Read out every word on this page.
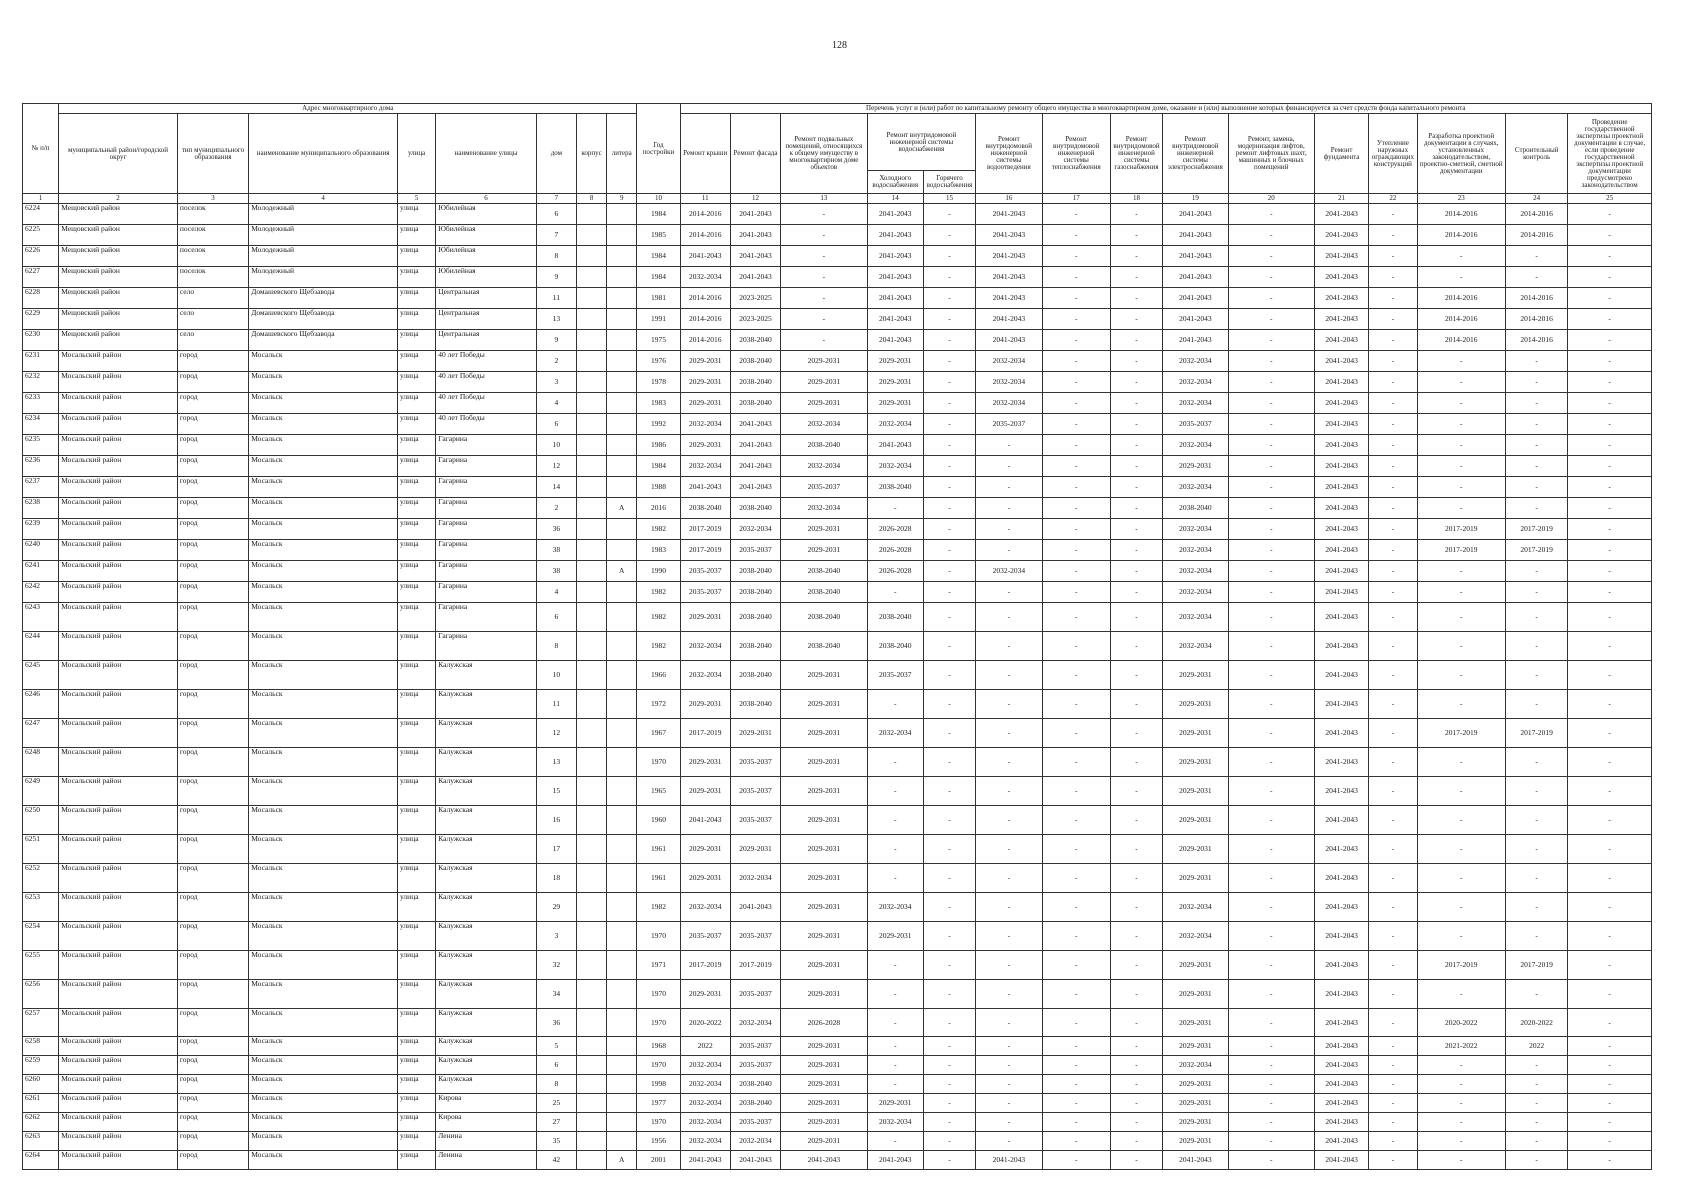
128
№ п/п	Адрес многоквартирного дома								Год постройки	Перечень услуг и (или) работ по капитальному ремонту общего имущества в многоквартирном доме, оказание и (или) выполнение которых финансируется за счет средств фонда капитального ремонта														
	муниципальный район/городской округ	тип муниципального образования	наименование муниципального образования	улица	наименование улицы	дом	корпус	литера		Ремонт крыши	Ремонт фасада	Ремонт подвальных помещений, относящихся к общему имуществу в многоквартирном доме объектов	Ремонт внутридомовой инженерной системы водоснабжения		Ремонт внутридомовой инженерной системы водоотведения	Ремонт внутридомовой инженерной системы теплоснабжения	Ремонт внутридомовой инженерной системы газоснабжения	Ремонт внутридомовой инженерной системы электроснабжения	Ремонт, замена, модернизация лифтов, ремонт лифтовых шахт, машинных и блочных помещений	Ремонт фундамента	Утепление наружных ограждающих конструкций	Разработка проектной документации в случаях, установленных законодательством, проектно-сметной, сметной документации	Строительный контроль	Проведение государственной экспертизы проектной документации в случае, если проведение государственной экспертизы проектной документации предусмотрено законодательством
													Холодного водоснабжения	Горячего водоснабжения										
1	2	3	4	5	6	7	8	9	10	11	12	13	14	15	16	17	18	19	20	21	22	23	24	25
6224	Мещовский район	поселок	Молодежный	улица	Юбилейная	6			1984	2014-2016	2041-2043	-	2041-2043	-	2041-2043	-	-	2041-2043	-	2041-2043	-	2014-2016	2014-2016	-
6225	Мещовский район	поселок	Молодежный	улица	Юбилейная	7			1985	2014-2016	2041-2043	-	2041-2043	-	2041-2043	-	-	2041-2043	-	2041-2043	-	2014-2016	2014-2016	-
6226	Мещовский район	поселок	Молодежный	улица	Юбилейная	8			1984	2041-2043	2041-2043	-	2041-2043	-	2041-2043	-	-	2041-2043	-	2041-2043	-	-	-	-
6227	Мещовский район	поселок	Молодежный	улица	Юбилейная	9			1984	2032-2034	2041-2043	-	2041-2043	-	2041-2043	-	-	2041-2043	-	2041-2043	-	-	-	-
6228	Мещовский район	село	Домашевского Щебзавода	улица	Центральная	11			1981	2014-2016	2023-2025	-	2041-2043	-	2041-2043	-	-	2041-2043	-	2041-2043	-	2014-2016	2014-2016	-
6229	Мещовский район	село	Домашевского Щебзавода	улица	Центральная	13			1991	2014-2016	2023-2025	-	2041-2043	-	2041-2043	-	-	2041-2043	-	2041-2043	-	2014-2016	2014-2016	-
6230	Мещовский район	село	Домашевского Щебзавода	улица	Центральная	9			1975	2014-2016	2038-2040	-	2041-2043	-	2041-2043	-	-	2041-2043	-	2041-2043	-	2014-2016	2014-2016	-
6231	Мосальский район	город	Мосальск	улица	40 лет Победы	2			1976	2029-2031	2038-2040	2029-2031	2029-2031	-	2032-2034	-	-	2032-2034	-	2041-2043	-	-	-	-
6232	Мосальский район	город	Мосальск	улица	40 лет Победы	3			1978	2029-2031	2038-2040	2029-2031	2029-2031	-	2032-2034	-	-	2032-2034	-	2041-2043	-	-	-	-
6233	Мосальский район	город	Мосальск	улица	40 лет Победы	4			1983	2029-2031	2038-2040	2029-2031	2029-2031	-	2032-2034	-	-	2032-2034	-	2041-2043	-	-	-	-
6234	Мосальский район	город	Мосальск	улица	40 лет Победы	6			1992	2032-2034	2041-2043	2032-2034	2032-2034	-	2035-2037	-	-	2035-2037	-	2041-2043	-	-	-	-
6235	Мосальский район	город	Мосальск	улица	Гагарина	10			1986	2029-2031	2041-2043	2038-2040	2041-2043	-	-	-	-	2032-2034	-	2041-2043	-	-	-	-
6236	Мосальский район	город	Мосальск	улица	Гагарина	12			1984	2032-2034	2041-2043	2032-2034	2032-2034	-	-	-	-	2029-2031	-	2041-2043	-	-	-	-
6237	Мосальский район	город	Мосальск	улица	Гагарина	14			1988	2041-2043	2041-2043	2035-2037	2038-2040	-	-	-	-	2032-2034	-	2041-2043	-	-	-	-
6238	Мосальский район	город	Мосальск	улица	Гагарина	2		А	2016	2038-2040	2038-2040	2032-2034	-	-	-	-	-	2038-2040	-	2041-2043	-	-	-	-
6239	Мосальский район	город	Мосальск	улица	Гагарина	36			1982	2017-2019	2032-2034	2029-2031	2026-2028	-	-	-	-	2032-2034	-	2041-2043	-	2017-2019	2017-2019	-
6240	Мосальский район	город	Мосальск	улица	Гагарина	38			1983	2017-2019	2035-2037	2029-2031	2026-2028	-	-	-	-	2032-2034	-	2041-2043	-	2017-2019	2017-2019	-
6241	Мосальский район	город	Мосальск	улица	Гагарина	38		А	1990	2035-2037	2038-2040	2038-2040	2026-2028	-	2032-2034	-	-	2032-2034	-	2041-2043	-	-	-	-
6242	Мосальский район	город	Мосальск	улица	Гагарина	4			1982	2035-2037	2038-2040	2038-2040	-	-	-	-	-	2032-2034	-	2041-2043	-	-	-	-
6243	Мосальский район	город	Мосальск	улица	Гагарина	6			1982	2029-2031	2038-2040	2038-2040	2038-2040	-	-	-	-	2032-2034	-	2041-2043	-	-	-	-
6244	Мосальский район	город	Мосальск	улица	Гагарина	8			1982	2032-2034	2038-2040	2038-2040	2038-2040	-	-	-	-	2032-2034	-	2041-2043	-	-	-	-
6245	Мосальский район	город	Мосальск	улица	Калужская	10			1966	2032-2034	2038-2040	2029-2031	2035-2037	-	-	-	-	2029-2031	-	2041-2043	-	-	-	-
6246	Мосальский район	город	Мосальск	улица	Калужская	11			1972	2029-2031	2038-2040	2029-2031	-	-	-	-	-	2029-2031	-	2041-2043	-	-	-	-
6247	Мосальский район	город	Мосальск	улица	Калужская	12			1967	2017-2019	2029-2031	2029-2031	2032-2034	-	-	-	-	2029-2031	-	2041-2043	-	2017-2019	2017-2019	-
6248	Мосальский район	город	Мосальск	улица	Калужская	13			1970	2029-2031	2035-2037	2029-2031	-	-	-	-	-	2029-2031	-	2041-2043	-	-	-	-
6249	Мосальский район	город	Мосальск	улица	Калужская	15			1965	2029-2031	2035-2037	2029-2031	-	-	-	-	-	2029-2031	-	2041-2043	-	-	-	-
6250	Мосальский район	город	Мосальск	улица	Калужская	16			1960	2041-2043	2035-2037	2029-2031	-	-	-	-	-	2029-2031	-	2041-2043	-	-	-	-
6251	Мосальский район	город	Мосальск	улица	Калужская	17			1961	2029-2031	2029-2031	2029-2031	-	-	-	-	-	2029-2031	-	2041-2043	-	-	-	-
6252	Мосальский район	город	Мосальск	улица	Калужская	18			1961	2029-2031	2032-2034	2029-2031	-	-	-	-	-	2029-2031	-	2041-2043	-	-	-	-
6253	Мосальский район	город	Мосальск	улица	Калужская	29			1982	2032-2034	2041-2043	2029-2031	2032-2034	-	-	-	-	2032-2034	-	2041-2043	-	-	-	-
6254	Мосальский район	город	Мосальск	улица	Калужская	3			1970	2035-2037	2035-2037	2029-2031	2029-2031	-	-	-	-	2032-2034	-	2041-2043	-	-	-	-
6255	Мосальский район	город	Мосальск	улица	Калужская	32			1971	2017-2019	2017-2019	2029-2031	-	-	-	-	-	2029-2031	-	2041-2043	-	2017-2019	2017-2019	-
6256	Мосальский район	город	Мосальск	улица	Калужская	34			1970	2029-2031	2035-2037	2029-2031	-	-	-	-	-	2029-2031	-	2041-2043	-	-	-	-
6257	Мосальский район	город	Мосальск	улица	Калужская	36			1970	2020-2022	2032-2034	2026-2028	-	-	-	-	-	2029-2031	-	2041-2043	-	2020-2022	2020-2022	-
6258	Мосальский район	город	Мосальск	улица	Калужская	5			1968	2022	2035-2037	2029-2031	-	-	-	-	-	2029-2031	-	2041-2043	-	2021-2022	2022	-
6259	Мосальский район	город	Мосальск	улица	Калужская	6			1970	2032-2034	2035-2037	2029-2031	-	-	-	-	-	2032-2034	-	2041-2043	-	-	-	-
6260	Мосальский район	город	Мосальск	улица	Калужская	8			1998	2032-2034	2038-2040	2029-2031	-	-	-	-	-	2029-2031	-	2041-2043	-	-	-	-
6261	Мосальский район	город	Мосальск	улица	Кирова	25			1977	2032-2034	2038-2040	2029-2031	2029-2031	-	-	-	-	2029-2031	-	2041-2043	-	-	-	-
6262	Мосальский район	город	Мосальск	улица	Кирова	27			1970	2032-2034	2035-2037	2029-2031	2032-2034	-	-	-	-	2029-2031	-	2041-2043	-	-	-	-
6263	Мосальский район	город	Мосальск	улица	Ленина	35			1956	2032-2034	2032-2034	2029-2031	-	-	-	-	-	2029-2031	-	2041-2043	-	-	-	-
6264	Мосальский район	город	Мосальск	улица	Ленина	42		А	2001	2041-2043	2041-2043	2041-2043	2041-2043	-	2041-2043	-	-	2041-2043	-	2041-2043	-	-	-	-
